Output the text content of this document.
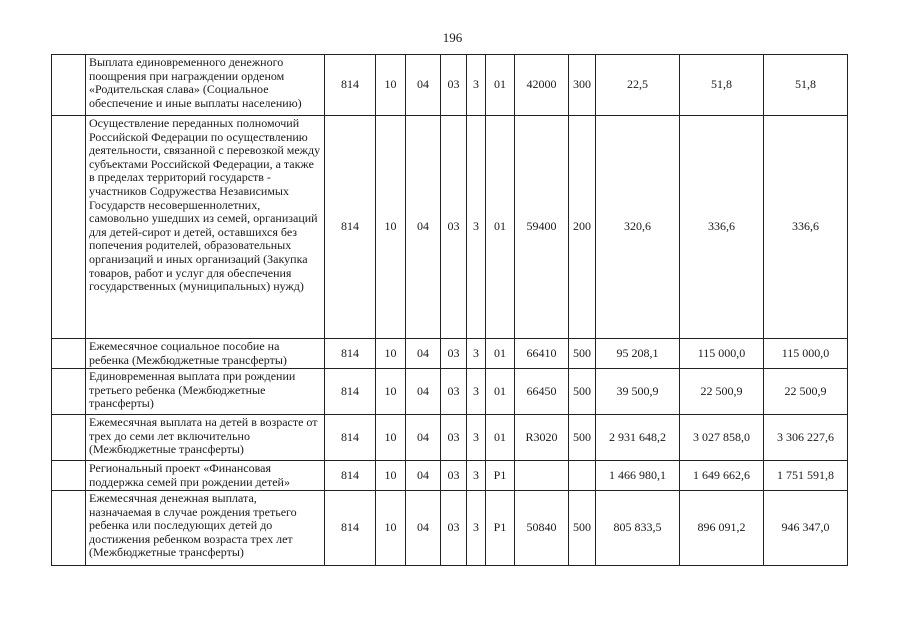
196
	Выплата единовременного денежного поощрения при награждении орденом «Родительская слава» (Социальное обеспечение и иные выплаты населению)	814	10	04	03	3	01	42000	300	22,5	51,8	51,8
	Осуществление переданных полномочий Российской Федерации по осуществлению деятельности, связанной с перевозкой между субъектами Российской Федерации, а также в пределах территорий государств - участников Содружества Независимых Государств несовершеннолетних, самовольно ушедших из семей, организаций для детей-сирот и детей, оставшихся без попечения родителей, образовательных организаций и иных организаций (Закупка товаров, работ и услуг для обеспечения государственных (муниципальных) нужд)	814	10	04	03	3	01	59400	200	320,6	336,6	336,6
	Ежемесячное социальное пособие на ребенка (Межбюджетные трансферты)	814	10	04	03	3	01	66410	500	95 208,1	115 000,0	115 000,0
	Единовременная выплата при рождении третьего ребенка (Межбюджетные трансферты)	814	10	04	03	3	01	66450	500	39 500,9	22 500,9	22 500,9
	Ежемесячная выплата на детей в возрасте от трех до семи лет включительно (Межбюджетные трансферты)	814	10	04	03	3	01	R3020	500	2 931 648,2	3 027 858,0	3 306 227,6
	Региональный проект «Финансовая поддержка семей при рождении детей»	814	10	04	03	3	P1			1 466 980,1	1 649 662,6	1 751 591,8
	Ежемесячная денежная выплата, назначаемая в случае рождения третьего ребенка или последующих детей до достижения ребенком возраста трех лет (Межбюджетные трансферты)	814	10	04	03	3	P1	50840	500	805 833,5	896 091,2	946 347,0
